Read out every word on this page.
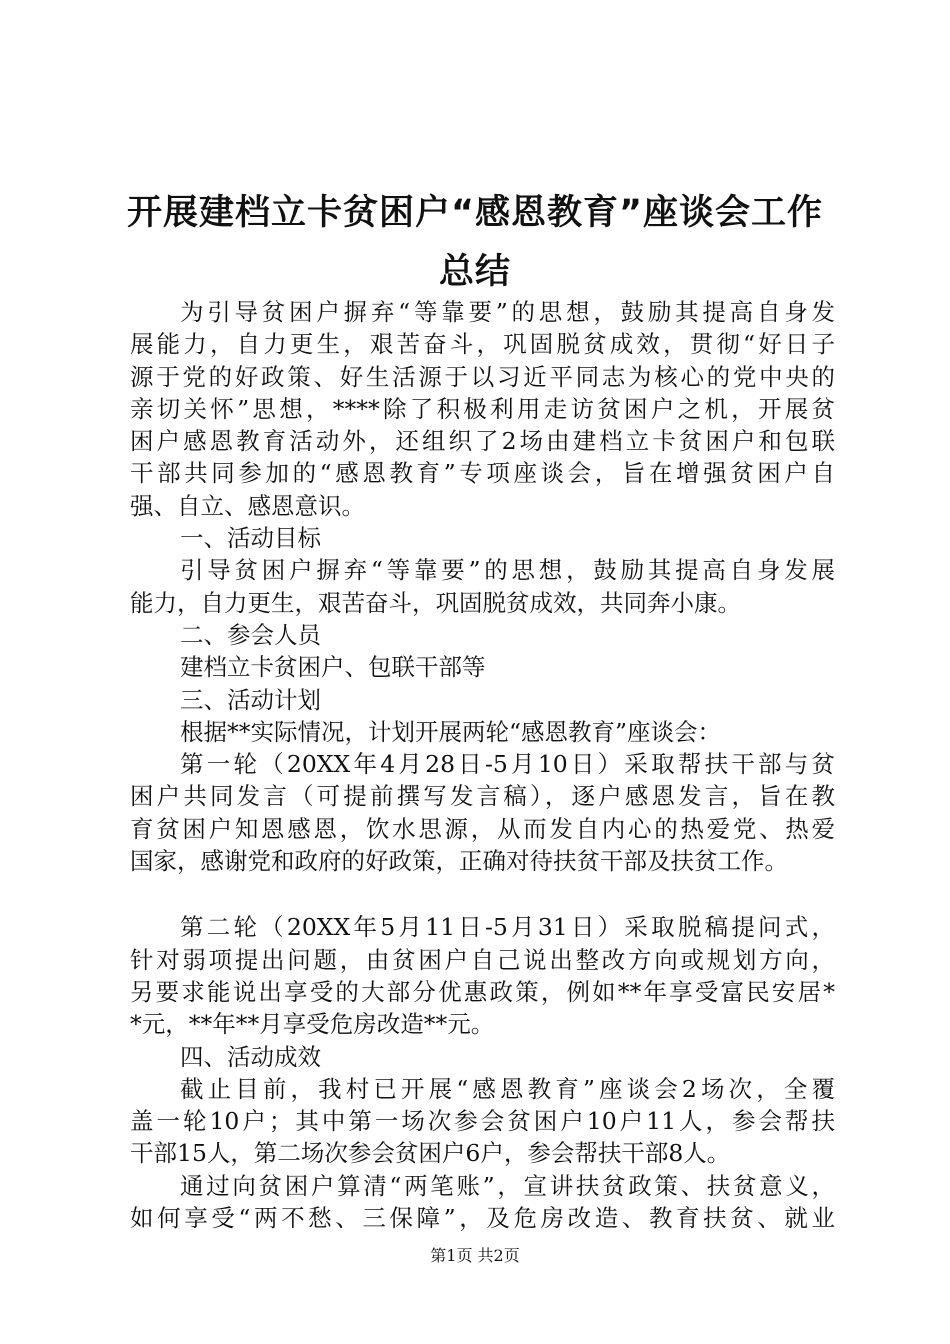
开展建档立卡贫困户“感恩教育”座谈会工作
总结
为引导贫困户摒弃“等靠要”的思想，鼓励其提高自身发
展能力，自力更生，艰苦奋斗，巩固脱贫成效，贯彻“好日子
源于党的好政策、好生活源于以习近平同志为核心的党中央的
亲切关怀”思想，****除了积极利用走访贫困户之机，开展贫
困户感恩教育活动外，还组织了2场由建档立卡贫困户和包联
干部共同参加的“感恩教育”专项座谈会，旨在增强贫困户自
强、自立、感恩意识。
一、活动目标
引导贫困户摒弃“等靠要”的思想，鼓励其提高自身发展
能力，自力更生，艰苦奋斗，巩固脱贫成效，共同奔小康。
二、参会人员
建档立卡贫困户、包联干部等
三、活动计划
根据**实际情况，计划开展两轮“感恩教育”座谈会：
第一轮（20XX年4月28日-5月10日）采取帮扶干部与贫
困户共同发言（可提前撰写发言稿），逐户感恩发言，旨在教
育贫困户知恩感恩，饮水思源，从而发自内心的热爱党、热爱
国家，感谢党和政府的好政策，正确对待扶贫干部及扶贫工作。
第二轮（20XX年5月11日-5月31日）采取脱稿提问式，
针对弱项提出问题，由贫困户自己说出整改方向或规划方向，
另要求能说出享受的大部分优惠政策，例如**年享受富民安居*
*元，**年**月享受危房改造**元。
四、活动成效
截止目前，我村已开展“感恩教育”座谈会2场次，全覆
盖一轮10户；其中第一场次参会贫困户10户11人，参会帮扶
干部15人，第二场次参会贫困户6户，参会帮扶干部8人。
通过向贫困户算清“两笔账”，宣讲扶贫政策、扶贫意义，
如何享受“两不愁、三保障”，及危房改造、教育扶贫、就业
第1页 共2页
